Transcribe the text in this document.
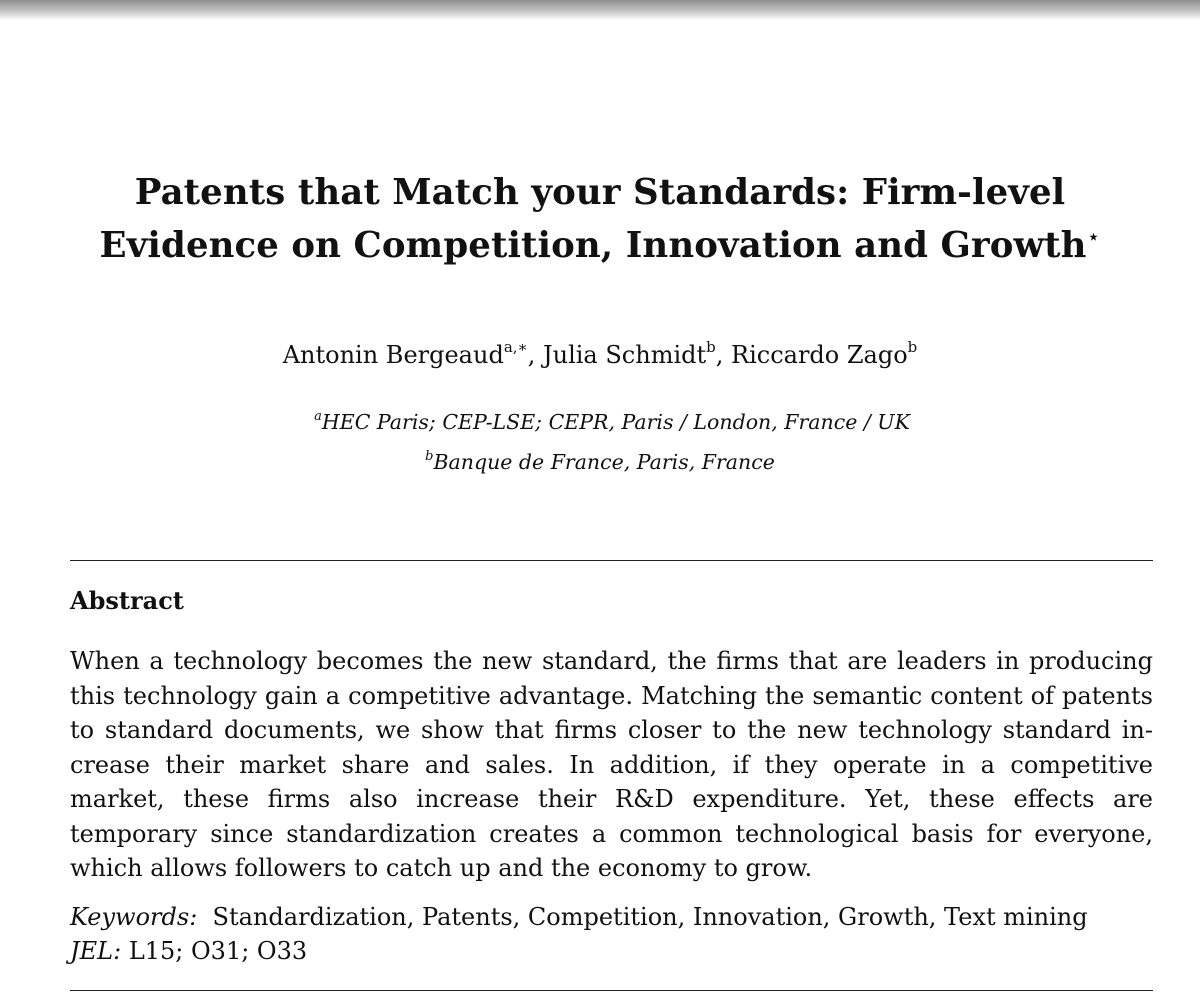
Patents that Match your Standards: Firm-level
Evidence on Competition, Innovation and Growth⋆
Antonin Bergeaud$^{a,∗}$, Julia Schmidt$^b$, Riccardo Zago$^b$
$^a$HEC Paris; CEP-LSE; CEPR, Paris / London, France / UK
$^b$Banque de France, Paris, France
Abstract

When a technology becomes the new standard, the firms that are leaders in producing this technology gain a competitive advantage. Matching the semantic content of patents to standard documents, we show that firms closer to the new technology standard increase their market share and sales. In addition, if they operate in a competitive market, these firms also increase their R&D expenditure. Yet, these effects are temporary since standardization creates a common technological basis for everyone, which allows followers to catch up and the economy to grow.

Keywords: Standardization, Patents, Competition, Innovation, Growth, Text mining

JEL: L15; O31; O33
